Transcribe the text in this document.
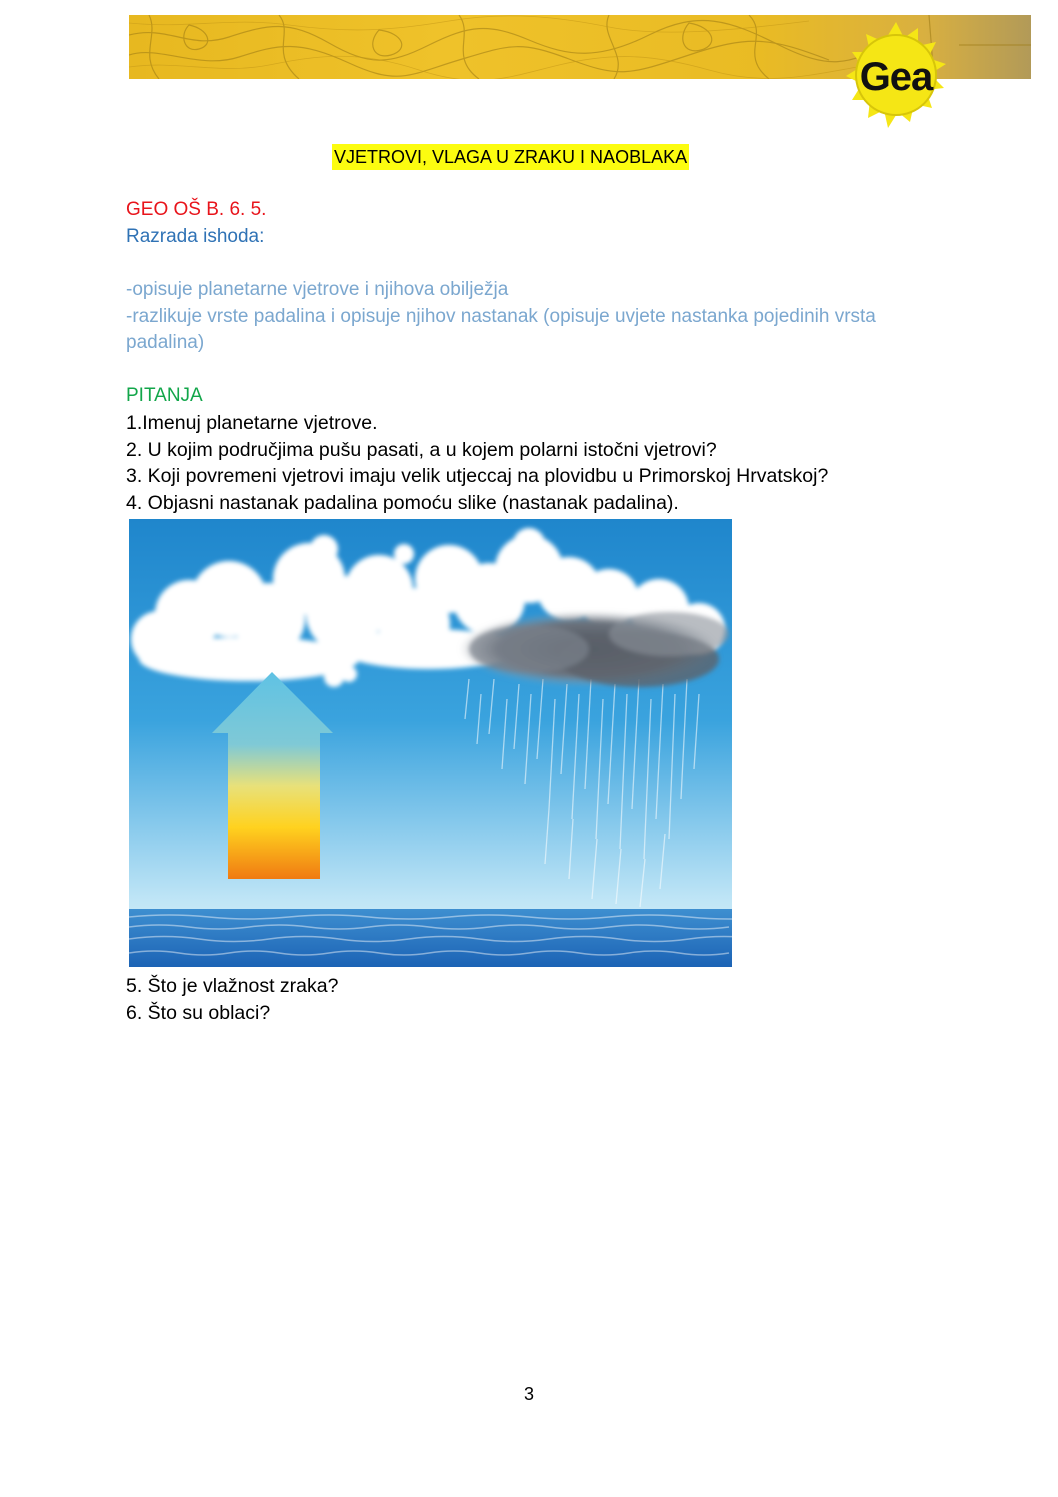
Gea
VJETROVI, VLAGA U ZRAKU I NAOBLAKA
GEO OŠ B. 6. 5.
Razrada ishoda:
-opisuje planetarne vjetrove i njihova obilježja
-razlikuje vrste padalina i opisuje njihov nastanak (opisuje uvjete nastanka pojedinih vrsta padalina)
PITANJA
1.Imenuj planetarne vjetrove.
2. U kojim područjima pušu pasati, a u kojem polarni istočni vjetrovi?
3. Koji povremeni vjetrovi imaju velik utjeccaj na plovidbu u Primorskoj Hrvatskoj?
4. Objasni nastanak padalina pomoću slike (nastanak padalina).
5. Što je vlažnost zraka?
6. Što su oblaci?
3
